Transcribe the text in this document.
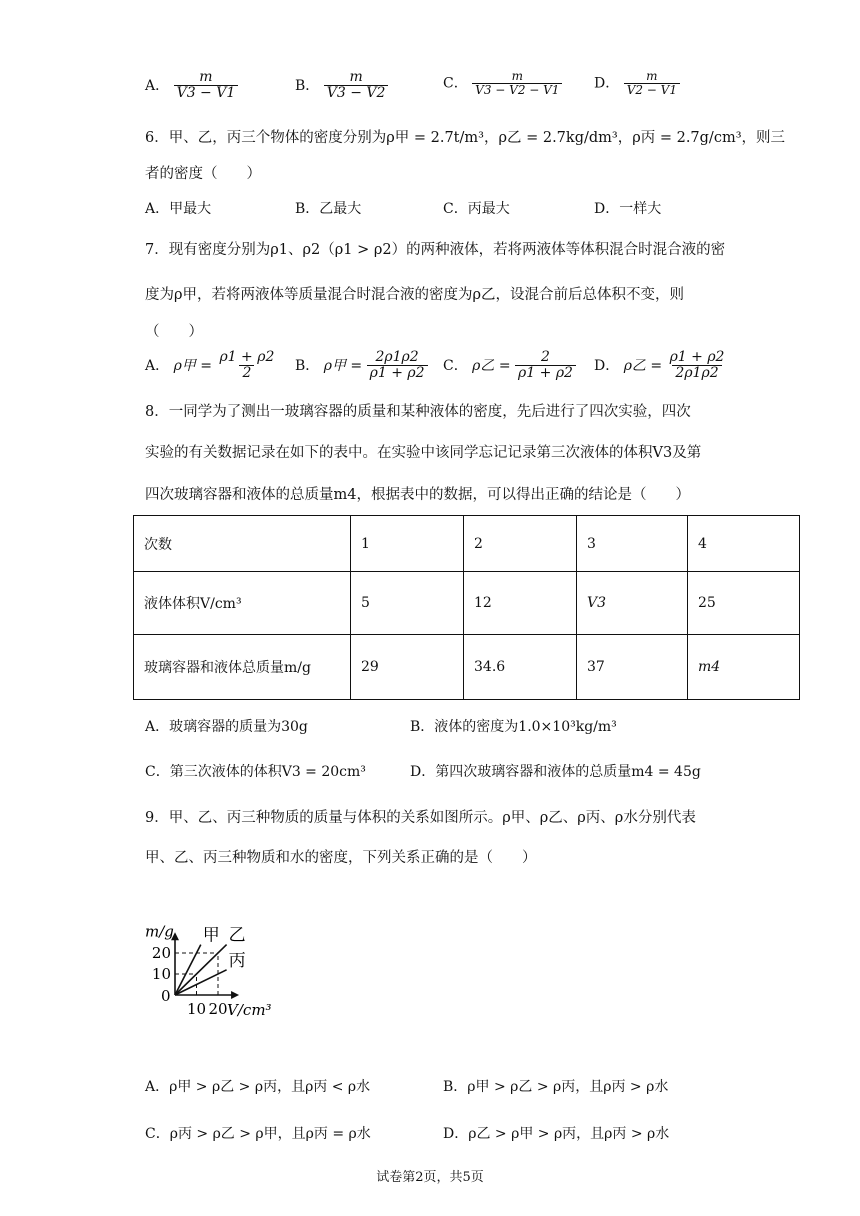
A． $\frac{m}{V3 - V1}$	B． $\frac{m}{V3 - V2}$	C． $\frac{m}{V3 - V2 - V1}$ D． $\frac{m}{V2 - V1}$
6．甲、乙，丙三个物体的密度分别为ρ甲 = 2.7t/m³，ρ乙 = 2.7kg/dm³，ρ丙 = 2.7g/cm³，则三
者的密度（　　）
A．甲最大	B．乙最大	C．丙最大	D．一样大
7．现有密度分别为ρ1、ρ2（ρ1 > ρ2）的两种液体，若将两液体等体积混合时混合液的密
度为ρ甲，若将两液体等质量混合时混合液的密度为ρ乙，设混合前后总体积不变，则
（　　）
A． ρ甲 = $\frac{\rho 1 + \rho 2}{2}$ B． ρ甲 = $\frac{2\rho 1\rho 2}{\rho 1 + \rho 2}$ C． ρ乙 = $\frac{2}{\rho 1 + \rho 2}$ D． ρ乙 = $\frac{\rho 1 + \rho 2}{2\rho 1\rho 2}$
8．一同学为了测出一玻璃容器的质量和某种液体的密度，先后进行了四次实验，四次
实验的有关数据记录在如下的表中。在实验中该同学忘记记录第三次液体的体积V3及第
四次玻璃容器和液体的总质量m4，根据表中的数据，可以得出正确的结论是（　　）
次数	1	2	3	4
液体体积V/cm³	5	12	V3	25
玻璃容器和液体总质量m/g	29	34.6	37	m4
A．玻璃容器的质量为30g	B．液体的密度为1.0×10³kg/m³
C．第三次液体的体积V3 = 20cm³	D．第四次玻璃容器和液体的总质量m4 = 45g
9．甲、乙、丙三种物质的质量与体积的关系如图所示。ρ甲、ρ乙、ρ丙、ρ水分别代表
甲、乙、丙三种物质和水的密度，下列关系正确的是（　　）
甲 乙
丙
0
10 20
10
20
m/g
V/cm³
A．ρ甲 > ρ乙 > ρ丙，且ρ丙 < ρ水	B．ρ甲 > ρ乙 > ρ丙，且ρ丙 > ρ水
C．ρ丙 > ρ乙 > ρ甲，且ρ丙 = ρ水	D．ρ乙 > ρ甲 > ρ丙，且ρ丙 > ρ水
试卷第2页，共5页
